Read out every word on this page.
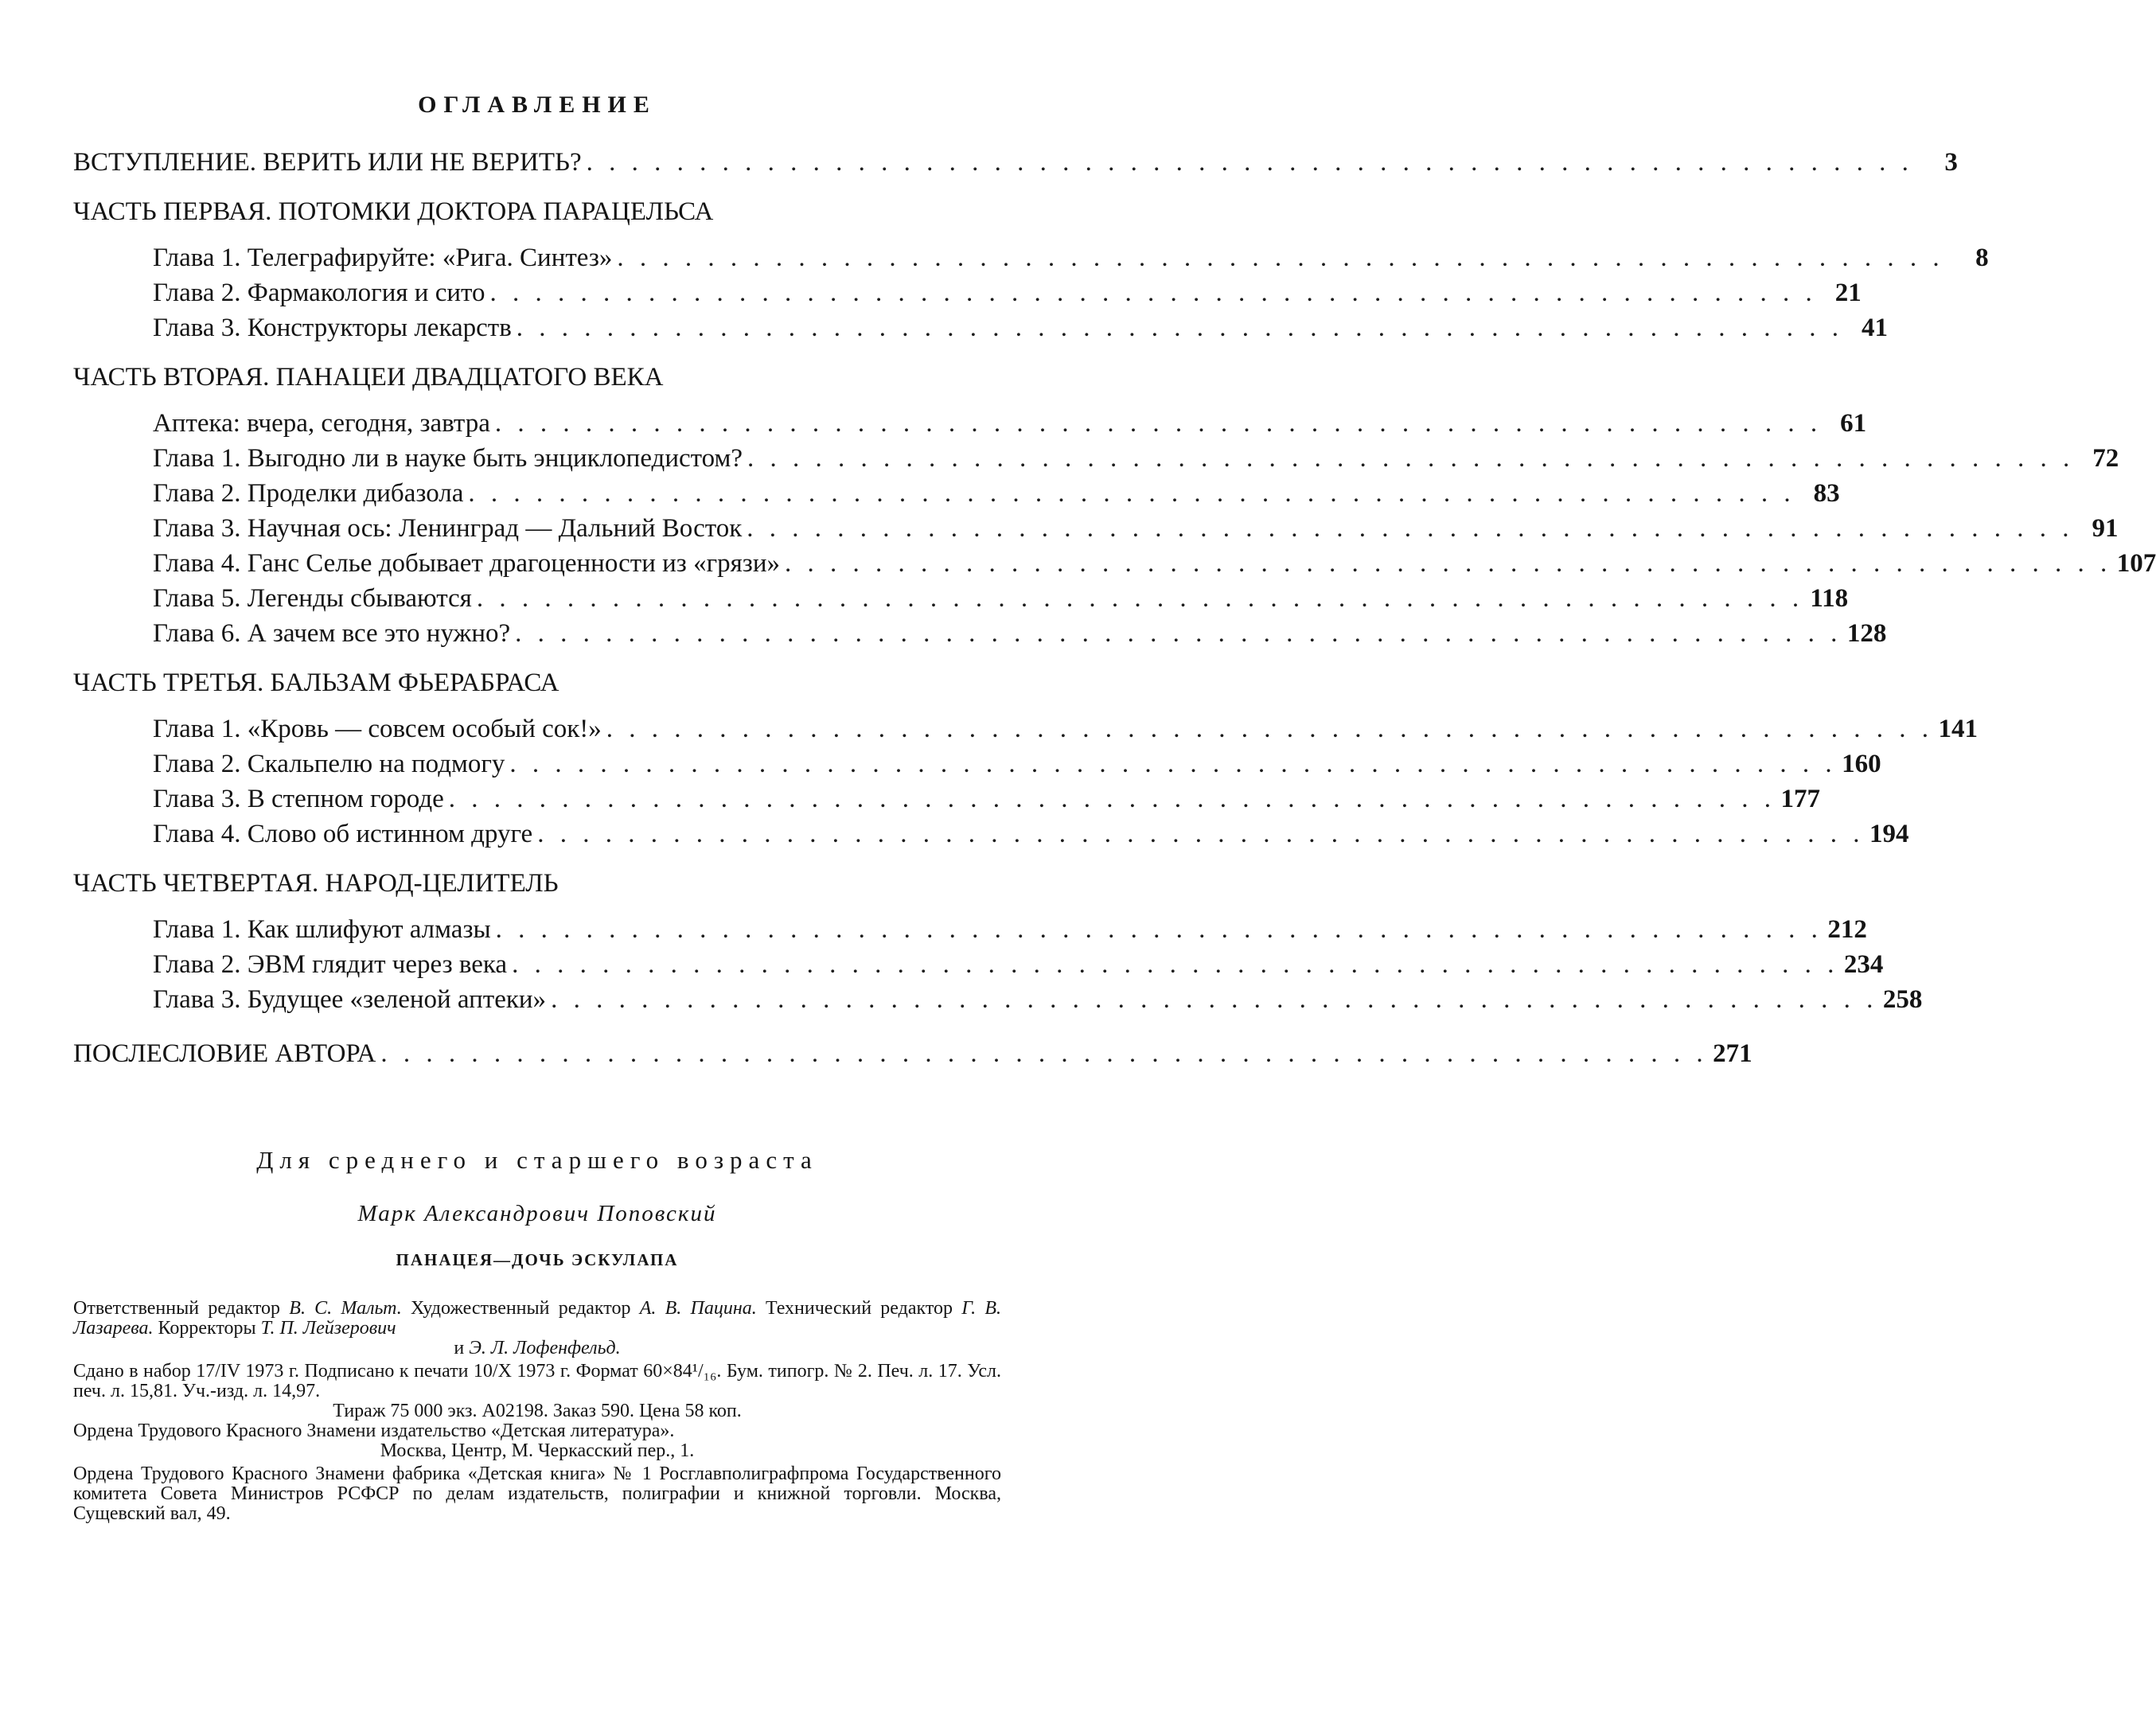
ОГЛАВЛЕНИЕ
ВСТУПЛЕНИЕ. ВЕРИТЬ ИЛИ НЕ ВЕРИТЬ? . . .	3
ЧАСТЬ ПЕРВАЯ. ПОТОМКИ ДОКТОРА ПАРАЦЕЛЬСА
Глава 1. Телеграфируйте: «Рига. Синтез» . . .	8
Глава 2. Фармакология и сито . . .	21
Глава 3. Конструкторы лекарств . . .	41
ЧАСТЬ ВТОРАЯ. ПАНАЦЕИ ДВАДЦАТОГО ВЕКА
Аптека: вчера, сегодня, завтра . . .	61
Глава 1. Выгодно ли в науке быть энциклопедистом? . . .	72
Глава 2. Проделки дибазола . . .	83
Глава 3. Научная ось: Ленинград — Дальний Восток . . .	91
Глава 4. Ганс Селье добывает драгоценности из «грязи» . . .	107
Глава 5. Легенды сбываются . . .	118
Глава 6. А зачем все это нужно? . . .	128
ЧАСТЬ ТРЕТЬЯ. БАЛЬЗАМ ФЬЕРАБРАСА
Глава 1. «Кровь — совсем особый сок!» . . .	141
Глава 2. Скальпелю на подмогу . . .	160
Глава 3. В степном городе . . .	177
Глава 4. Слово об истинном друге . . .	194
ЧАСТЬ ЧЕТВЕРТАЯ. НАРОД-ЦЕЛИТЕЛЬ
Глава 1. Как шлифуют алмазы . . .	212
Глава 2. ЭВМ глядит через века . . .	234
Глава 3. Будущее «зеленой аптеки» . . .	258
ПОСЛЕСЛОВИЕ АВТОРА . . .	271
Для среднего и старшего возраста
Марк Александрович Поповский
ПАНАЦЕЯ—ДОЧЬ ЭСКУЛАПА

Ответственный редактор В. С. Мальт. Художественный редактор А. В. Пацина. Технический редактор Г. В. Лазарева. Корректоры Т. П. Лейзерович

и Э. Л. Лофенфельд.

Сдано в набор 17/IV 1973 г. Подписано к печати 10/X 1973 г. Формат 60×84¹/₁₆. Бум. типогр. № 2. Печ. л. 17. Усл. печ. л. 15,81. Уч.-изд. л. 14,97.

Тираж 75 000 экз. А02198. Заказ 590. Цена 58 коп.

Ордена Трудового Красного Знамени издательство «Детская литература».

Москва, Центр, М. Черкасский пер., 1.

Ордена Трудового Красного Знамени фабрика «Детская книга» № 1 Росглавполиграфпрома Государственного комитета Совета Министров РСФСР по делам издательств, полиграфии и книжной торговли. Москва, Сущевский вал, 49.
